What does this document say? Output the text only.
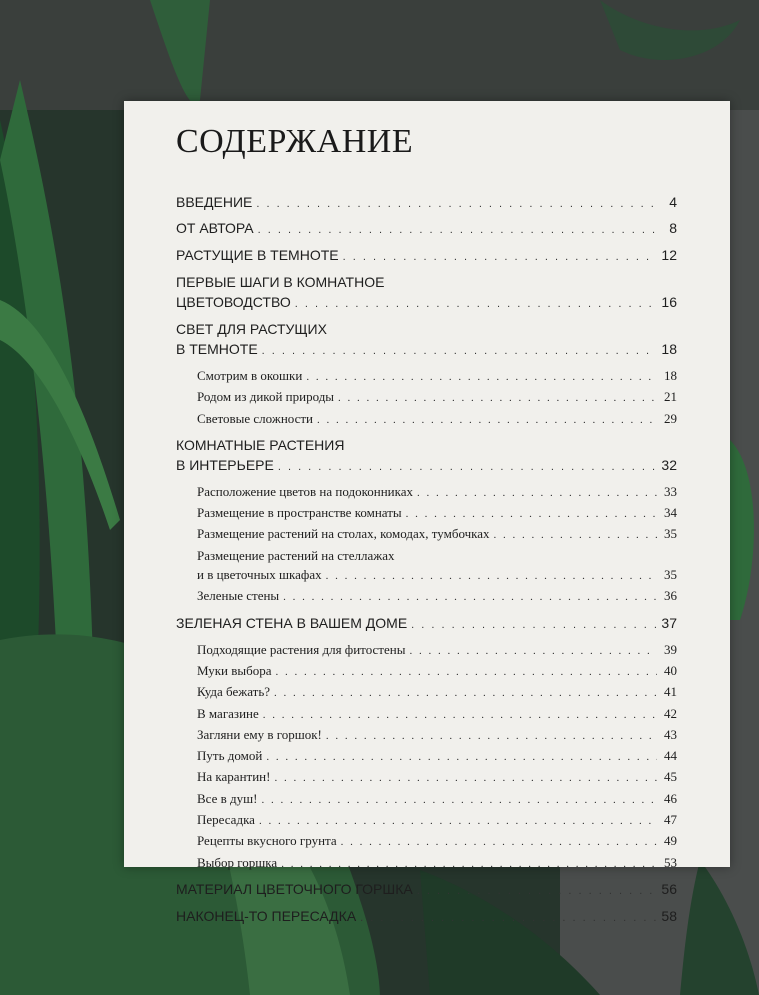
СОДЕРЖАНИЕ
ВВЕДЕНИЕ . . .	4
ОТ АВТОРА . . .	8
РАСТУЩИЕ В ТЕМНОТЕ . . .	12
ПЕРВЫЕ ШАГИ В КОМНАТНОЕ
ЦВЕТОВОДСТВО . . .	16
СВЕТ ДЛЯ РАСТУЩИХ
В ТЕМНОТЕ . . .	18
Смотрим в окошки . . .	18
Родом из дикой природы . . .	21
Световые сложности . . .	29
КОМНАТНЫЕ РАСТЕНИЯ
В ИНТЕРЬЕРЕ . . .	32
Расположение цветов на подоконниках . . .	33
Размещение в пространстве комнаты . . .	34
Размещение растений на столах, комодах, тумбочках . . .	35
Размещение растений на стеллажах
и в цветочных шкафах . . .	35
Зеленые стены . . .	36
ЗЕЛЕНАЯ СТЕНА В ВАШЕМ ДОМЕ . . .	37
Подходящие растения для фитостены . . .	39
Муки выбора . . .	40
Куда бежать? . . .	41
В магазине . . .	42
Загляни ему в горшок! . . .	43
Путь домой . . .	44
На карантин! . . .	45
Все в душ! . . .	46
Пересадка . . .	47
Рецепты вкусного грунта . . .	49
Выбор горшка . . .	53
МАТЕРИАЛ ЦВЕТОЧНОГО ГОРШКА . . .	56
НАКОНЕЦ-ТО ПЕРЕСАДКА . . .	58
